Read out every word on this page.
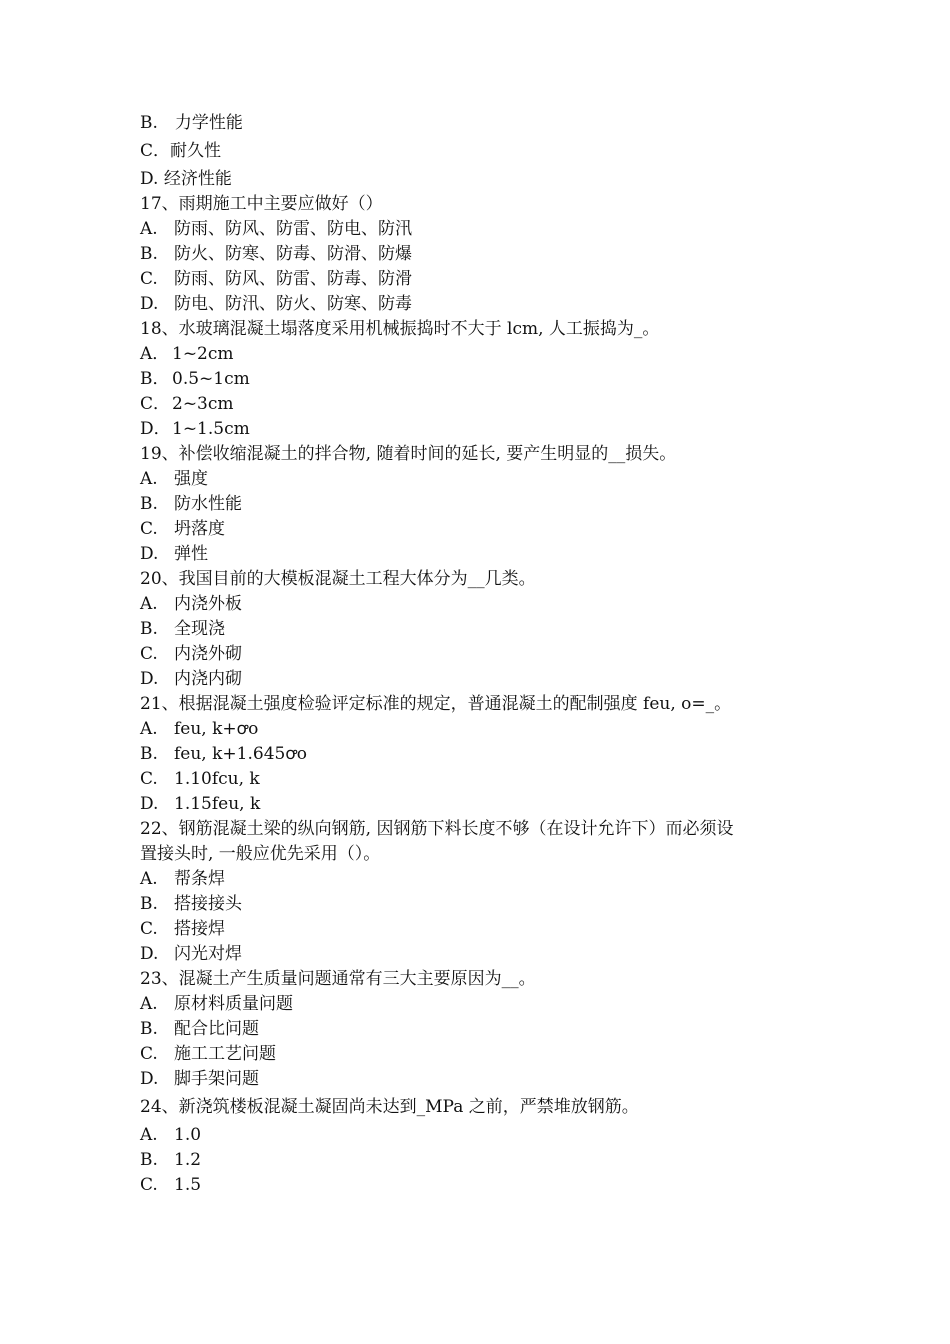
B.　力学性能
C．耐久性
D. 经济性能
17、雨期施工中主要应做好（）
A. 防雨、防风、防雷、防电、防汛
B. 防火、防寒、防毒、防滑、防爆
C. 防雨、防风、防雷、防毒、防滑
D. 防电、防汛、防火、防寒、防毒
18、水玻璃混凝土塌落度采用机械振捣时不大于 lcm, 人工振捣为_。
A． 1~2cm
B． 0.5~1cm
C． 2~3cm
D． 1~1.5cm
19、补偿收缩混凝土的拌合物, 随着时间的延长, 要产生明显的__损失。
A. 强度
B. 防水性能
C. 坍落度
D. 弹性
20、我国目前的大模板混凝土工程大体分为__几类。
A. 内浇外板
B. 全现浇
C. 内浇外砌
D. 内浇内砌
21、根据混凝土强度检验评定标准的规定，普通混凝土的配制强度 feu, o=_。
A. feu, k+ꝍo
B. feu, k+1.645ꝍo
C. 1.10fcu, k
D. 1.15feu, k
22、钢筋混凝土梁的纵向钢筋, 因钢筋下料长度不够（在设计允许下）而必须设
置接头时, 一般应优先采用（）。
A. 帮条焊
B. 搭接接头
C. 搭接焊
D. 闪光对焊
23、混凝土产生质量问题通常有三大主要原因为__。
A. 原材料质量问题
B. 配合比问题
C. 施工工艺问题
D. 脚手架问题
24、新浇筑楼板混凝土凝固尚未达到_MPa 之前，严禁堆放钢筋。
A. 1.0
B. 1.2
C. 1.5
